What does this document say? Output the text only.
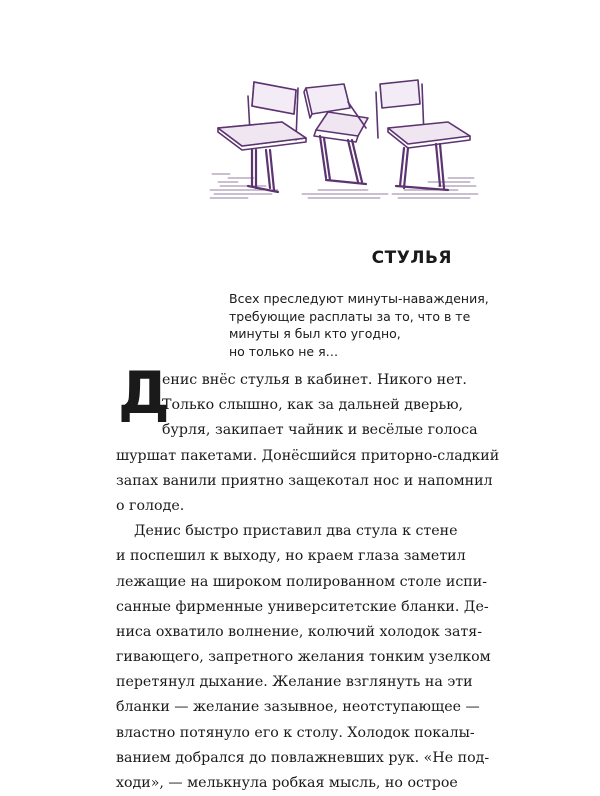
СТУЛЬЯ
Всех преследуют минуты-наваждения,
требующие расплаты за то, что в те
минуты я был кто угодно,
но только не я…
Д
енис внёс стулья в кабинет. Никого нет.
Только слышно, как за дальней дверью,
бурля, закипает чайник и весёлые голоса
шуршат пакетами. Донёсшийся приторно-сладкий
запах ванили приятно защекотал нос и напомнил
о голоде.
Денис быстро приставил два стула к стене
и поспешил к выходу, но краем глаза заметил
лежащие на широком полированном столе испи-
санные фирменные университетские бланки. Де-
ниса охватило волнение, колючий холодок затя-
гивающего, запретного желания тонким узелком
перетянул дыхание. Желание взглянуть на эти
бланки — желание зазывное, неотступающее —
властно потянуло его к столу. Холодок покалы-
ванием добрался до повлажневших рук. «Не под-
ходи», — мелькнула робкая мысль, но острое
